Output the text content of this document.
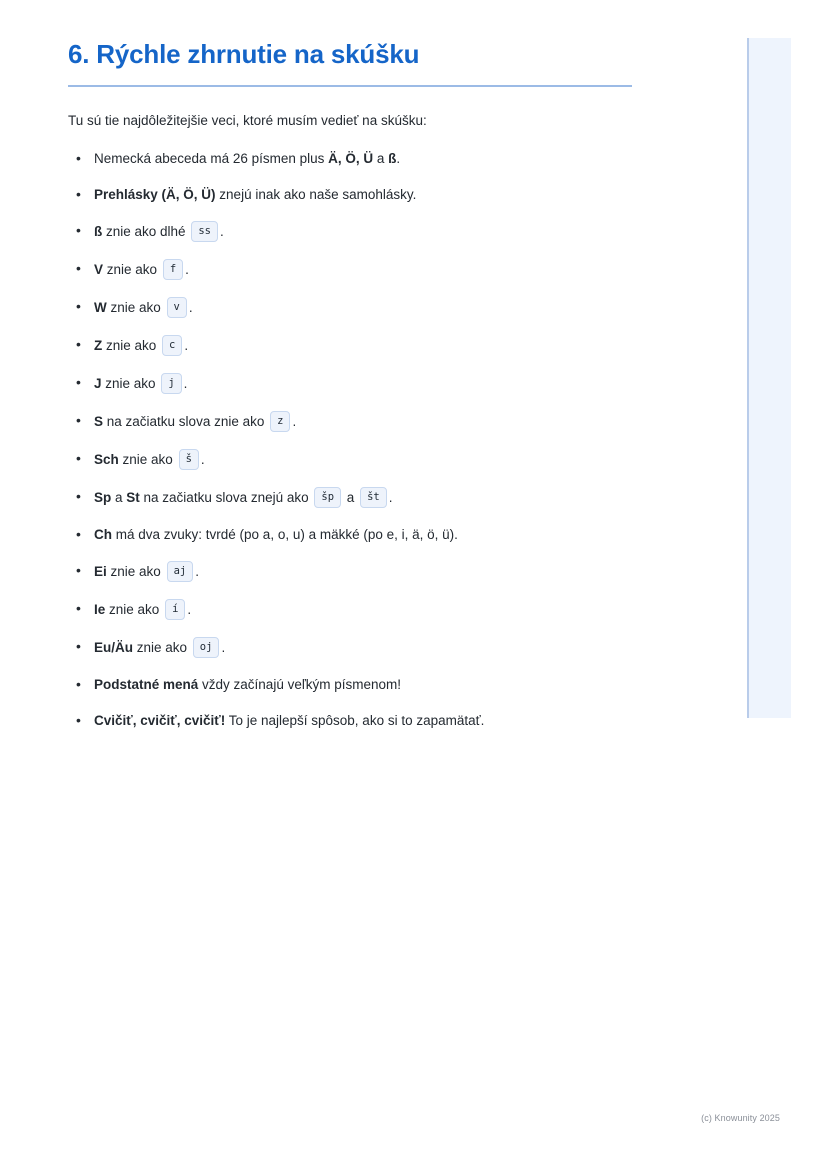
6. Rýchle zhrnutie na skúšku

Tu sú tie najdôležitejšie veci, ktoré musím vedieť na skúšku:

• Nemecká abeceda má 26 písmen plus Ä, Ö, Ü a ß.
• Prehlásky (Ä, Ö, Ü) znejú inak ako naše samohlásky.
• ß znie ako dlhé ss .
• V znie ako f .
• W znie ako v .
• Z znie ako c .
• J znie ako j .
• S na začiatku slova znie ako z .
• Sch znie ako š .
• Sp a St na začiatku slova znejú ako šp a št .
• Ch má dva zvuky: tvrdé (po a, o, u) a mäkké (po e, i, ä, ö, ü).
• Ei znie ako aj .
• Ie znie ako í .
• Eu/Äu znie ako oj .
• Podstatné mená vždy začínajú veľkým písmenom!
• Cvičiť, cvičiť, cvičiť! To je najlepší spôsob, ako si to zapamätať.
(c) Knowunity 2025
